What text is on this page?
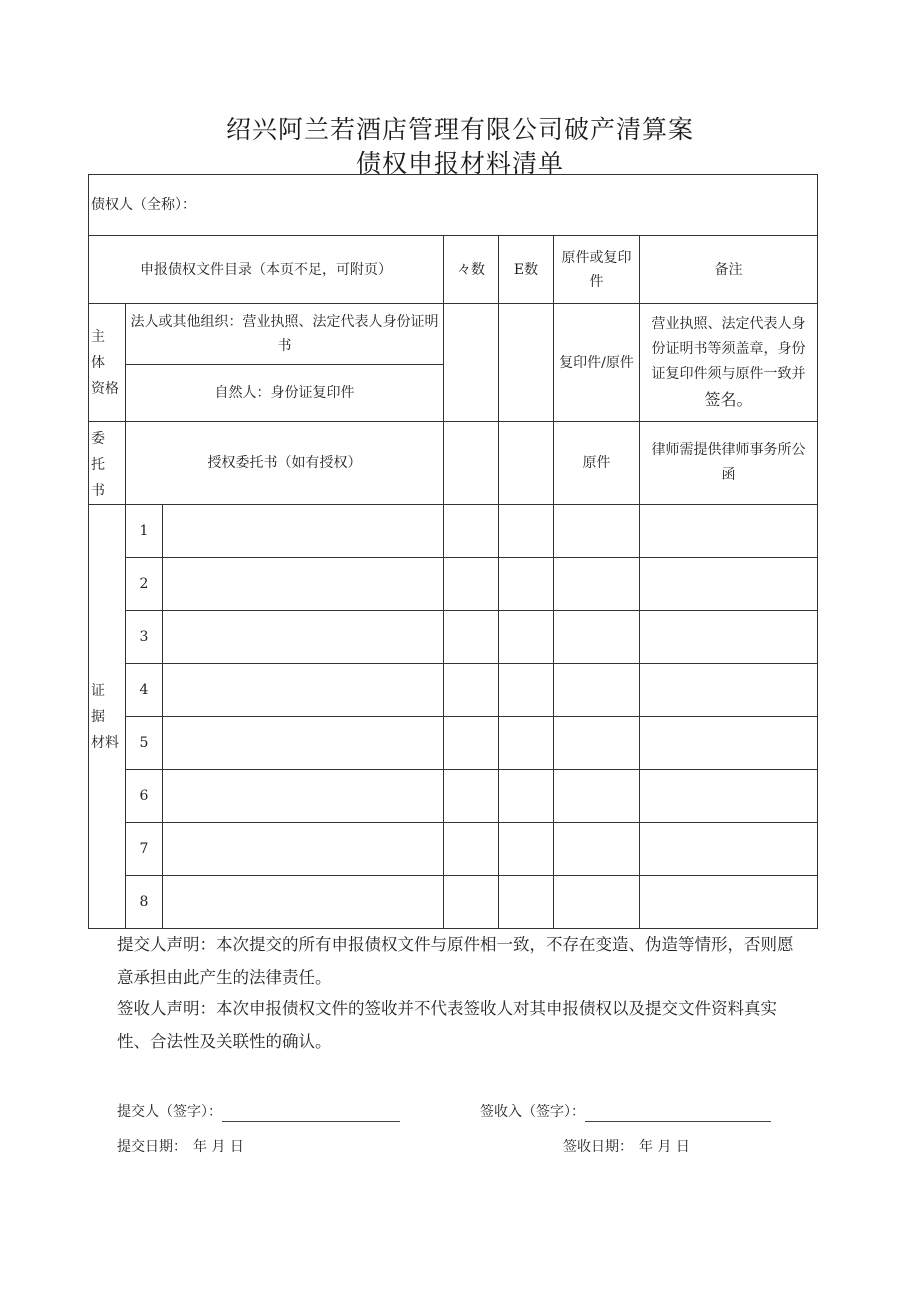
绍兴阿兰若酒店管理有限公司破产清算案
债权申报材料清单
债权人（全称）：						
申报债权文件目录（本页不足，可附页）			々数	E数	原件或复印件	备注
主 体 资格	法人或其他组织：营业执照、法定代表人身份证明书				复印件/原件	营业执照、法定代表人身份证明书等须盖章，身份证复印件须与原件一致并签名。
	自然人：身份证复印件					
委 托 书	授权委托书（如有授权）				原件	律师需提供律师事务所公函
证 据 材料	1					
	2					
	3					
	4					
	5					
	6					
	7					
	8					
提交人声明：本次提交的所有申报债权文件与原件相一致，不存在变造、伪造等情形，否则愿意承担由此产生的法律责任。
签收人声明：本次申报债权文件的签收并不代表签收人对其申报债权以及提交文件资料真实性、合法性及关联性的确认。
提交人（签字）：	签收入（签字）：
提交日期： 年 月 日	签收日期： 年 月 日
